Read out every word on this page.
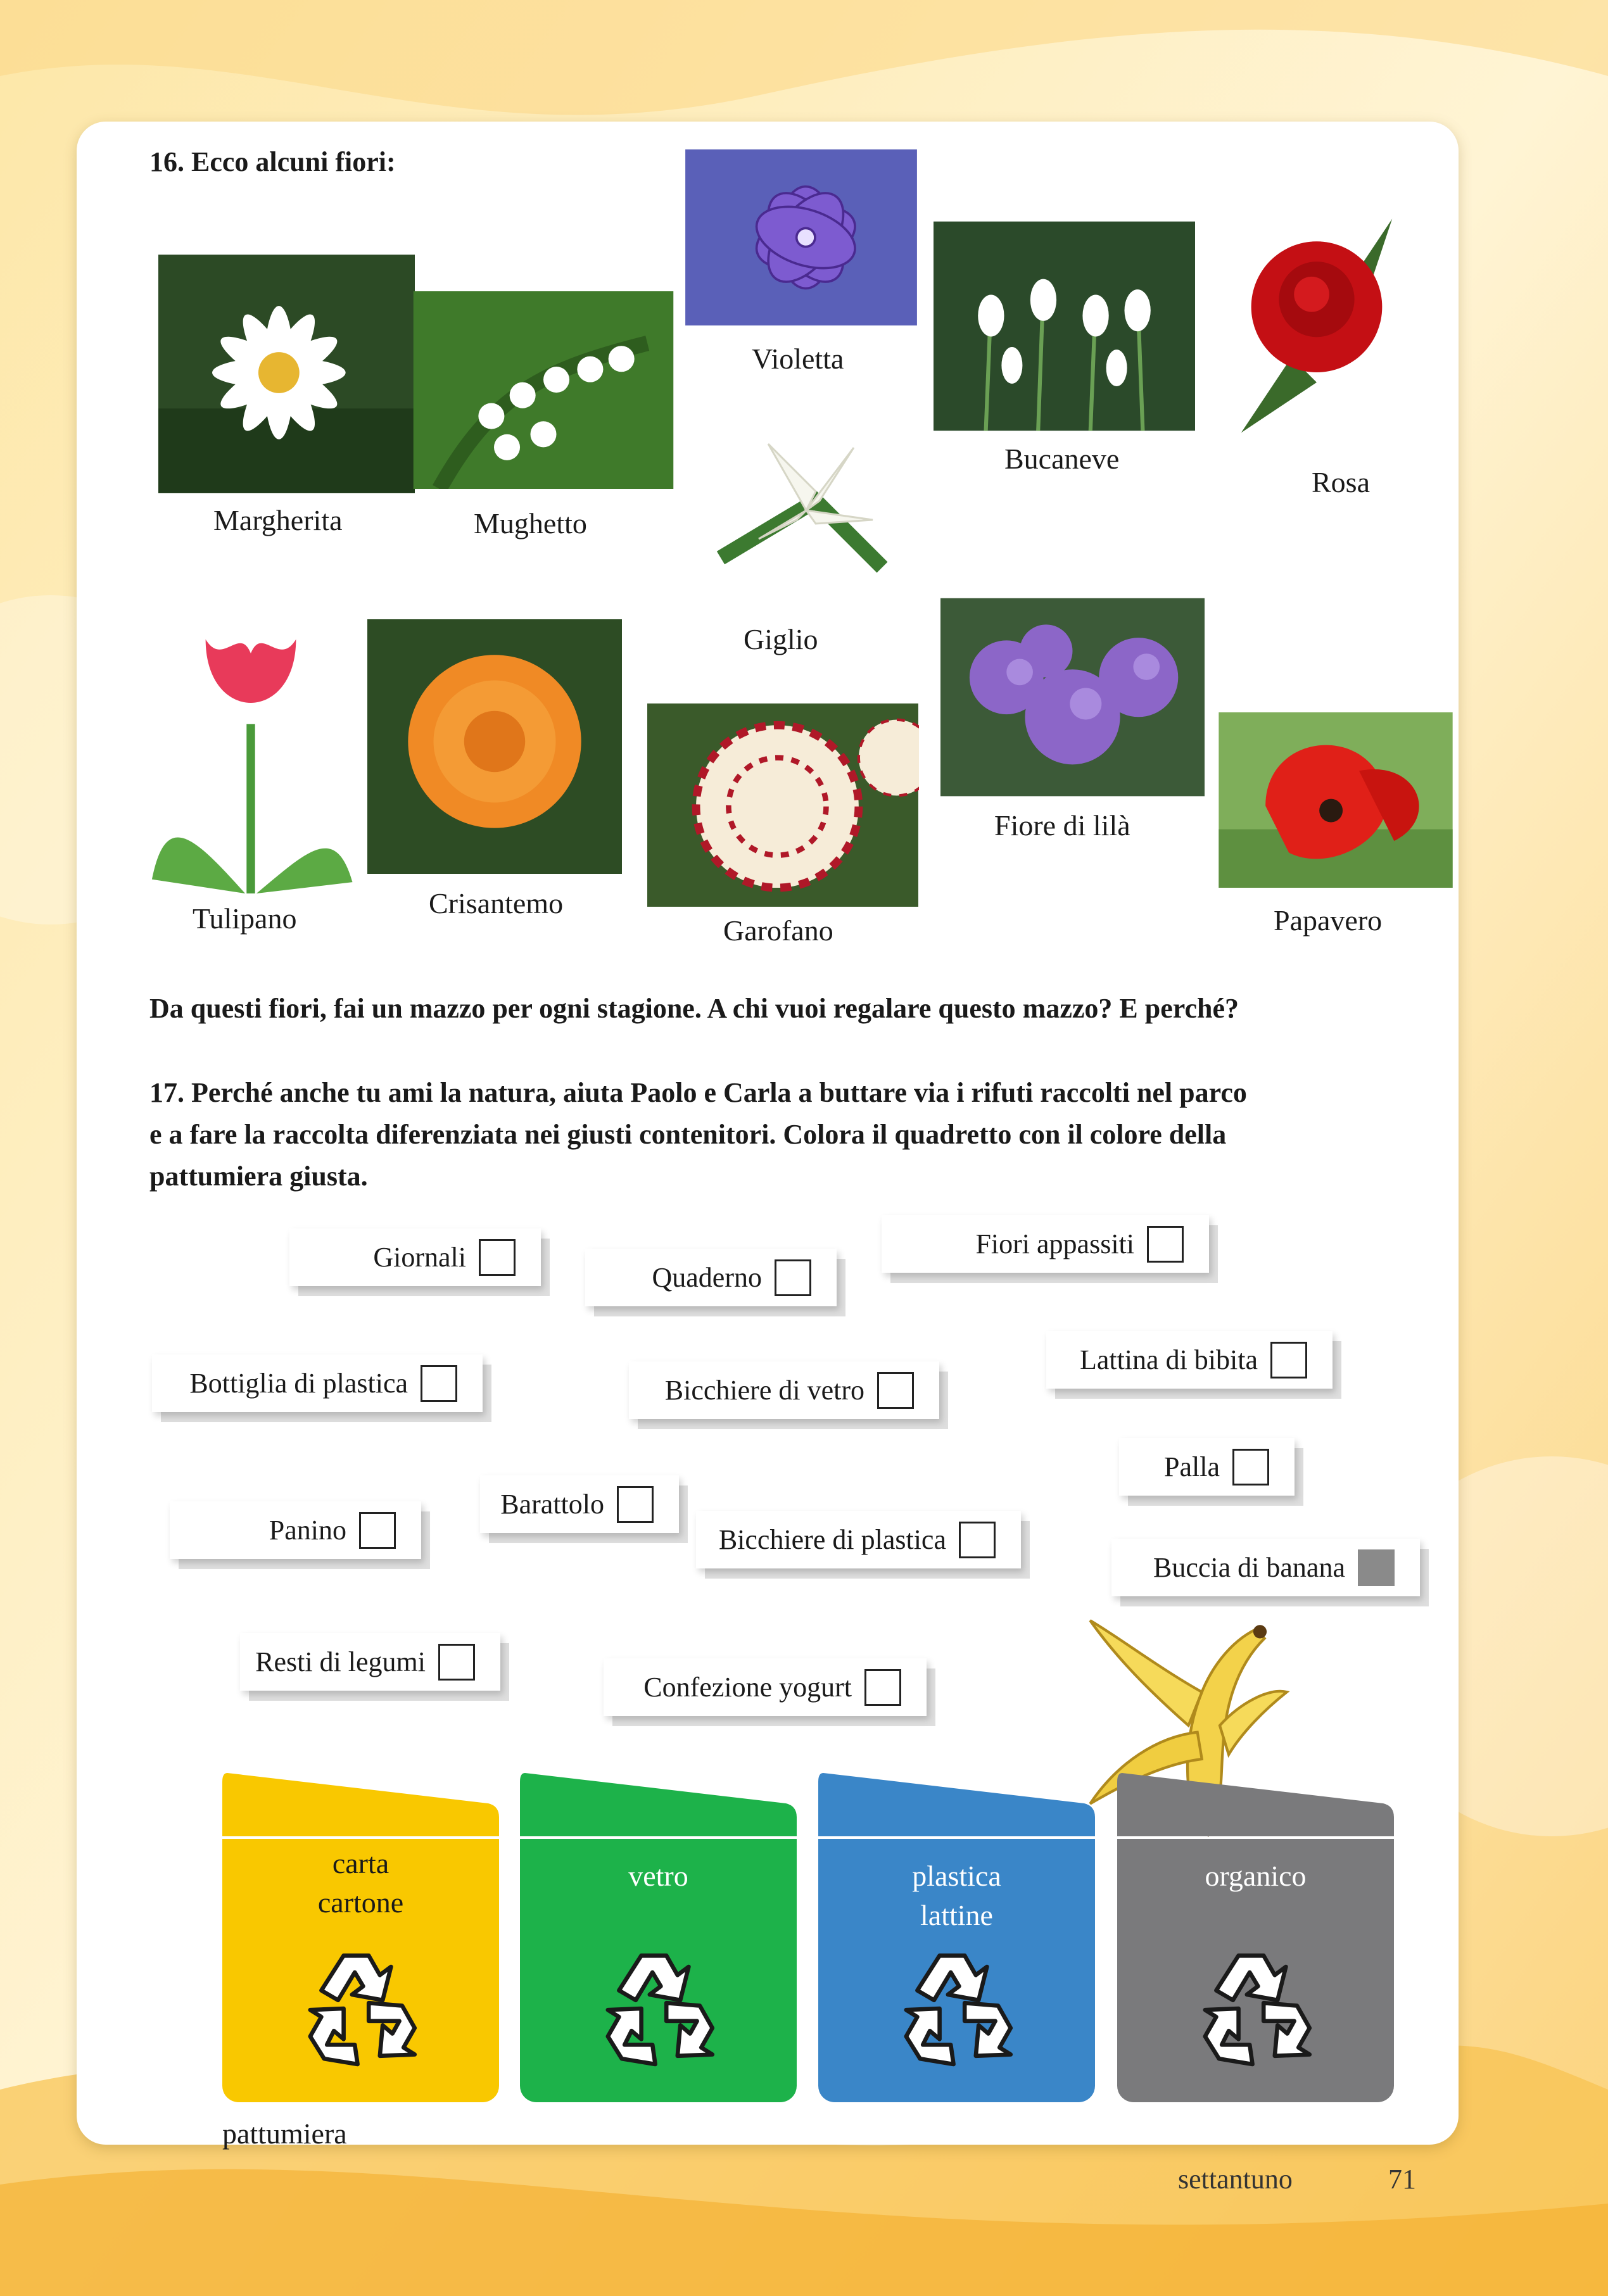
16. Ecco alcuni fiori:
Margherita	Mughetto
Violetta
Giglio
Bucaneve
Rosa
Tulipano	Crisantemo
Garofano
Fiore di lilà
Papavero
Da questi fiori, fai un mazzo per ogni stagione. A chi vuoi regalare questo mazzo? E perché?
17. Perché anche tu ami la natura, aiuta Paolo e Carla a buttare via i rifuti raccolti nel parco
e a fare la raccolta diferenziata nei giusti contenitori. Colora il quadretto con il colore della
pattumiera giusta.
Giornali
Quaderno
Fiori appassiti
Bottiglia di plastica	Bicchiere di vetro
Lattina di bibita
Palla
Panino
Barattolo
Bicchiere di plastica
Buccia di banana
Resti di legumi
Confezione yogurt
carta
cartone
vetro	plastica
lattine
organico
pattumiera
settantuno	71
